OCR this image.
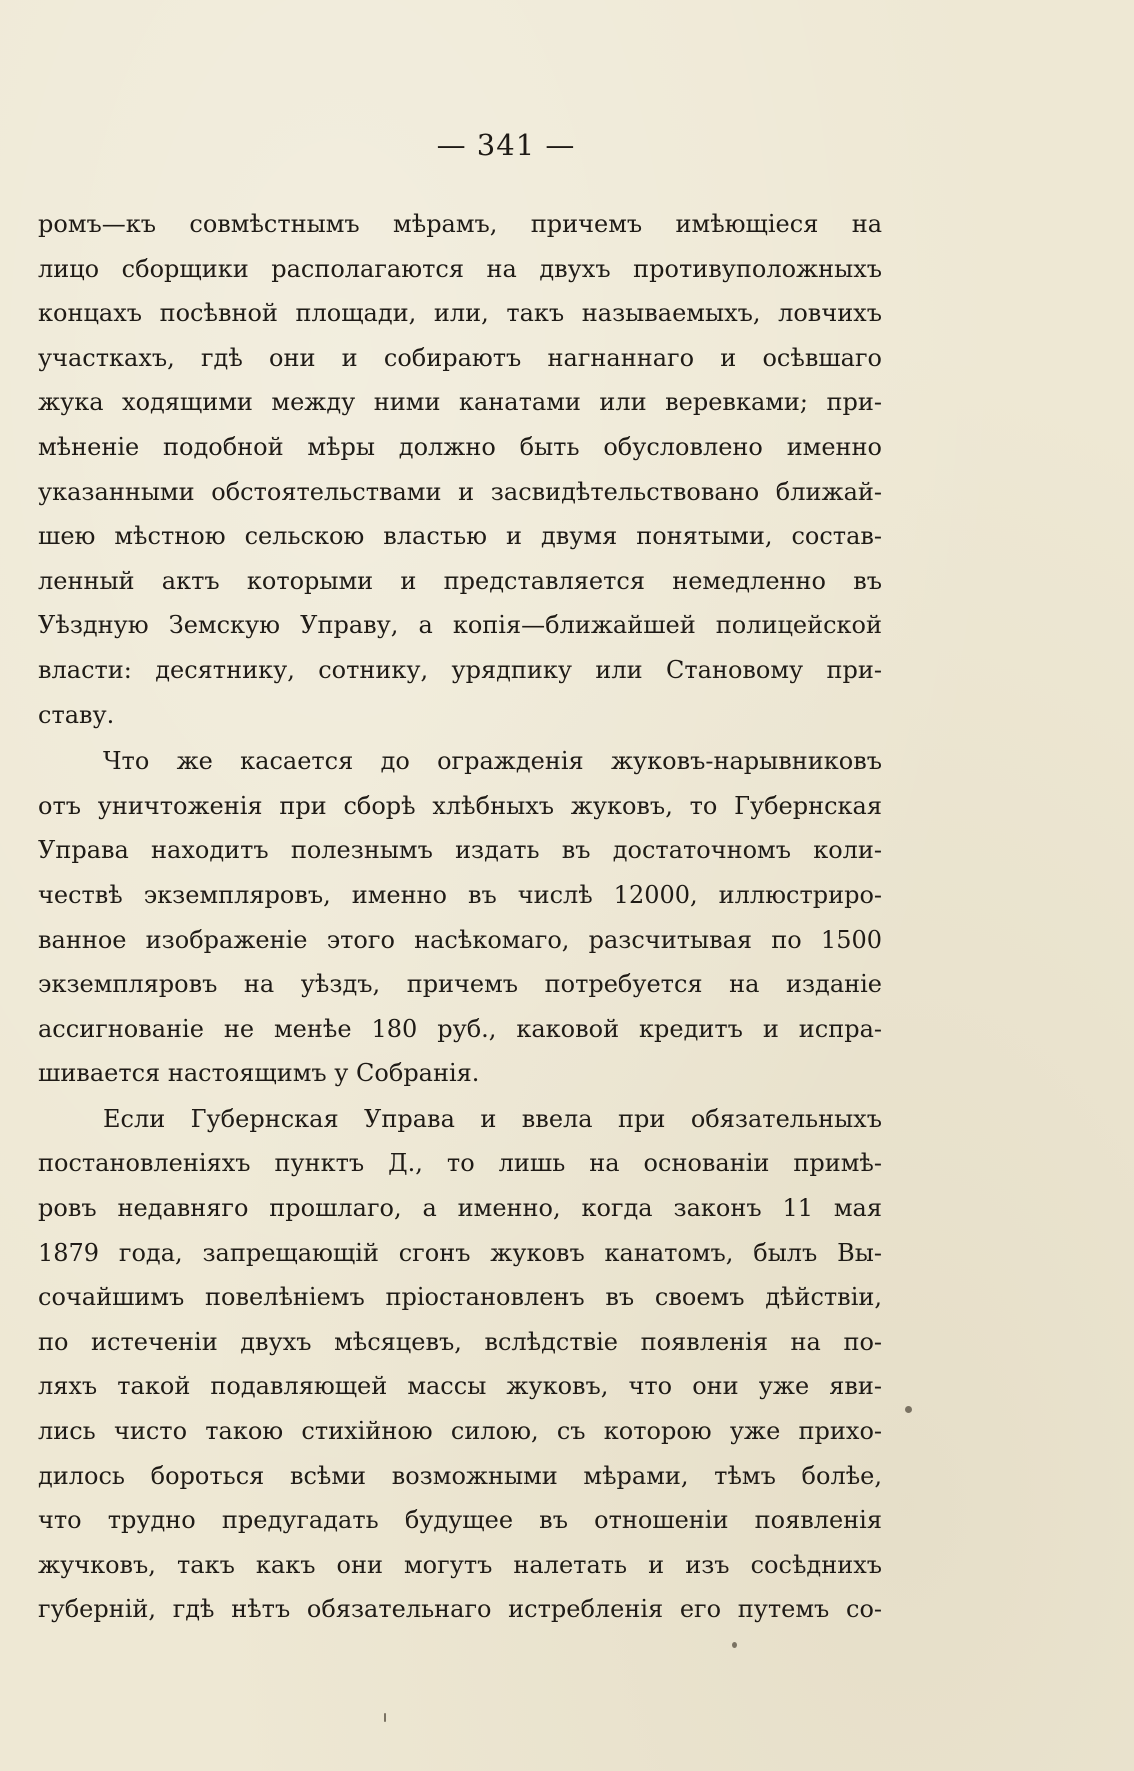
— 341 —
ромъ—къ совмѣстнымъ мѣрамъ, причемъ имѣющіеся на
лицо сборщики располагаются на двухъ противуположныхъ
концахъ посѣвной площади, или, такъ называемыхъ, ловчихъ
участкахъ, гдѣ они и собираютъ нагнаннаго и осѣвшаго
жука ходящими между ними канатами или веревками; при-
мѣненіе подобной мѣры должно быть обусловлено именно
указанными обстоятельствами и засвидѣтельствовано ближай-
шею мѣстною сельскою властью и двумя понятыми, состав-
ленный актъ которыми и представляется немедленно въ
Уѣздную Земскую Управу, а копія—ближайшей полицейской
власти: десятнику, сотнику, урядпику или Становому при-
ставу.
Что же касается до огражденія жуковъ-нарывниковъ
отъ уничтоженія при сборѣ хлѣбныхъ жуковъ, то Губернская
Управа находитъ полезнымъ издать въ достаточномъ коли-
чествѣ экземпляровъ, именно въ числѣ 12000, иллюстриро-
ванное изображеніе этого насѣкомаго, разсчитывая по 1500
экземпляровъ на уѣздъ, причемъ потребуется на изданіе
ассигнованіе не менѣе 180 руб., каковой кредитъ и испра-
шивается настоящимъ у Собранія.
Если Губернская Управа и ввела при обязательныхъ
постановленіяхъ пунктъ Д., то лишь на основаніи примѣ-
ровъ недавняго прошлаго, а именно, когда законъ 11 мая
1879 года, запрещающій сгонъ жуковъ канатомъ, былъ Вы-
сочайшимъ повелѣніемъ пріостановленъ въ своемъ дѣйствіи,
по истеченіи двухъ мѣсяцевъ, вслѣдствіе появленія на по-
ляхъ такой подавляющей массы жуковъ, что они уже яви-
лись чисто такою стихійною силою, съ которою уже прихо-
дилось бороться всѣми возможными мѣрами, тѣмъ болѣе,
что трудно предугадать будущее въ отношеніи появленія
жучковъ, такъ какъ они могутъ налетать и изъ сосѣднихъ
губерній, гдѣ нѣтъ обязательнаго истребленія его путемъ со-
